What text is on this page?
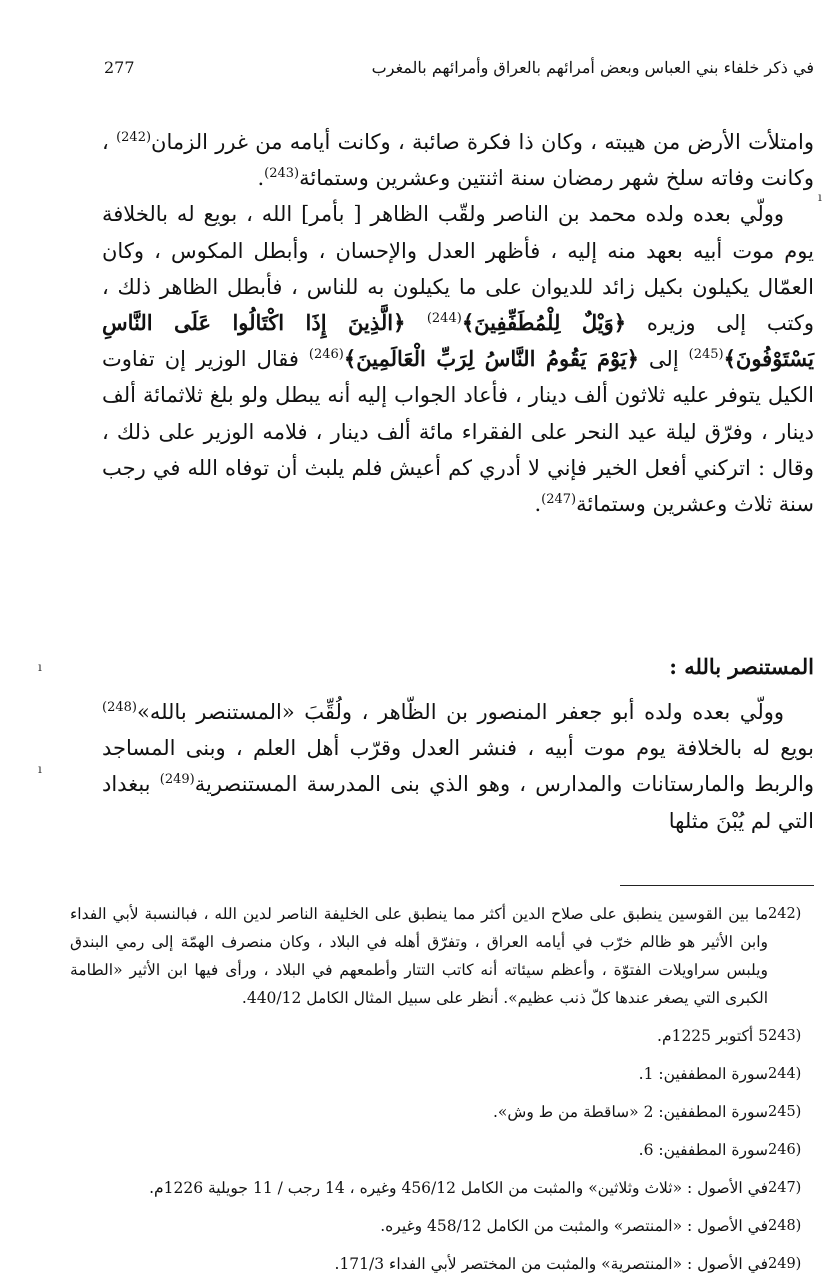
277	في ذكر خلفاء بني العباس وبعض أمرائهم بالعراق وأمرائهم بالمغرب

وامتلأت الأرض من هيبته ، وكان ذا فكرة صائبة ، وكانت أيامه من غرر الزمان$^{(242)}$ ، وكانت وفاته سلخ شهر رمضان سنة اثنتين وعشرين وستمائة$^{(243)}$.

وولّي بعده ولده محمد بن الناصر ولقّب الظاهر [ بأمر] الله ، بويع له بالخلافة يوم موت أبيه بعهد منه إليه ، فأظهر العدل والإحسان ، وأبطل المكوس ، وكان العمّال يكيلون بكيل زائد للديوان على ما يكيلون به للناس ، فأبطل الظاهر ذلك ، وكتب إلى وزيره ﴿وَيْلٌ لِلْمُطَفِّفِينَ﴾$^{(244)}$ ﴿الَّذِينَ إِذَا اكْتَالُوا عَلَى النَّاسِ يَسْتَوْفُونَ﴾$^{(245)}$ إلى ﴿يَوْمَ يَقُومُ النَّاسُ لِرَبِّ الْعَالَمِينَ﴾$^{(246)}$ فقال الوزير إن تفاوت الكيل يتوفر عليه ثلاثون ألف دينار ، فأعاد الجواب إليه أنه يبطل ولو بلغ ثلاثمائة ألف دينار ، وفرّق ليلة عيد النحر على الفقراء مائة ألف دينار ، فلامه الوزير على ذلك ، وقال : اتركني أفعل الخير فإني لا أدري كم أعيش فلم يلبث أن توفاه الله في رجب سنة ثلاث وعشرين وستمائة$^{(247)}$.

ı
ı
ı
المستنصر بالله :

وولّي بعده ولده أبو جعفر المنصور بن الظّاهر ، ولُقِّبَ «المستنصر بالله»$^{(248)}$ بويع له بالخلافة يوم موت أبيه ، فنشر العدل وقرّب أهل العلم ، وبنى المساجد والربط والمارستانات والمدارس ، وهو الذي بنى المدرسة المستنصرية$^{(249)}$ ببغداد التي لم يُبْنَ مثلها

242)
ما بين القوسين ينطبق على صلاح الدين أكثر مما ينطبق على الخليفة الناصر لدين الله ، فبالنسبة لأبي الفداء وابن الأثير هو ظالم خرّب في أيامه العراق ، وتفرّق أهله في البلاد ، وكان منصرف الهمّة إلى رمي البندق ويلبس سراويلات الفتوّة ، وأعظم سيئاته أنه كاتب التتار وأطمعهم في البلاد ، ورأى فيها ابن الأثير «الطامة الكبرى التي يصغر عندها كلّ ذنب عظيم». أنظر على سبيل المثال الكامل 440/12.
243)
5 أكتوبر 1225م.
244)
سورة المطففين: 1.
245)
سورة المطففين: 2 «ساقطة من ط وش».
246)
سورة المطففين: 6.
247)
في الأصول : «ثلاث وثلاثين» والمثبت من الكامل 456/12 وغيره ، 14 رجب / 11 جويلية 1226م.
248)
في الأصول : «المنتصر» والمثبت من الكامل 458/12 وغيره.
249)
في الأصول : «المنتصرية» والمثبت من المختصر لأبي الفداء 171/3.
